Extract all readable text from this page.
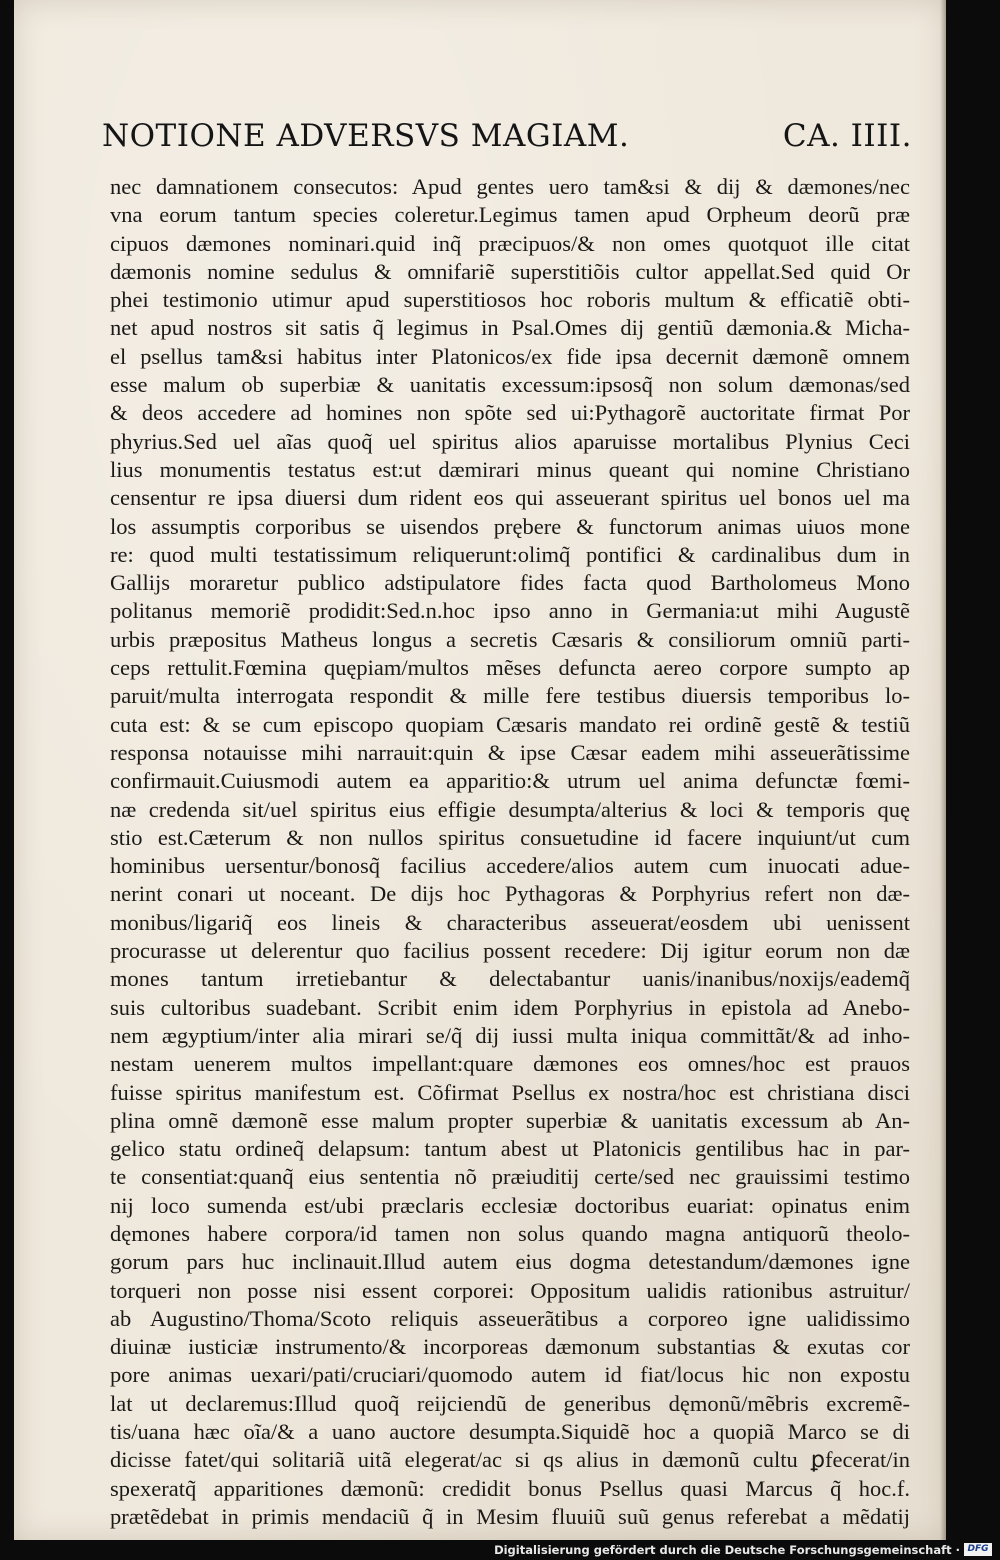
NOTIONE ADVERSVS MAGIAM.	CA. IIII.
nec damnationem consecutos: Apud gentes uero tam&si & dij & dæmones/nec
vna eorum tantum species coleretur.Legimus tamen apud Orpheum deorũ præ
cipuos dæmones nominari.quid inq̃ præcipuos/& non omes quotquot ille citat
dæmonis nomine sedulus & omnifariẽ superstitiõis cultor appellat.Sed quid Or
phei testimonio utimur apud superstitiosos hoc roboris multum & efficatiẽ obti-
net apud nostros sit satis q̃ legimus in Psal.Omes dij gentiũ dæmonia.& Micha-
el psellus tam&si habitus inter Platonicos/ex fide ipsa decernit dæmonẽ omnem
esse malum ob superbiæ & uanitatis excessum:ipsosq̃ non solum dæmonas/sed
& deos accedere ad homines non spõte sed ui:Pythagorẽ auctoritate firmat Por
phyrius.Sed uel aĩas quoq̃ uel spiritus alios aparuisse mortalibus Plynius Ceci
lius monumentis testatus est:ut dæmirari minus queant qui nomine Christiano
censentur re ipsa diuersi dum rident eos qui asseuerant spiritus uel bonos uel ma
los assumptis corporibus se uisendos prębere & functorum animas uiuos mone
re: quod multi testatissimum reliquerunt:olimq̃ pontifici & cardinalibus dum in
Gallijs moraretur publico adstipulatore fides facta quod Bartholomeus Mono
politanus memoriẽ prodidit:Sed.n.hoc ipso anno in Germania:ut mihi Augustẽ
urbis præpositus Matheus longus a secretis Cæsaris & consiliorum omniũ parti-
ceps rettulit.Fœmina quępiam/multos mẽses defuncta aereo corpore sumpto ap
paruit/multa interrogata respondit & mille fere testibus diuersis temporibus lo-
cuta est: & se cum episcopo quopiam Cæsaris mandato rei ordinẽ gestẽ & testiũ
responsa notauisse mihi narrauit:quin & ipse Cæsar eadem mihi asseuerãtissime
confirmauit.Cuiusmodi autem ea apparitio:& utrum uel anima defunctæ fœmi-
næ credenda sit/uel spiritus eius effigie desumpta/alterius & loci & temporis quę
stio est.Cæterum & non nullos spiritus consuetudine id facere inquiunt/ut cum
hominibus uersentur/bonosq̃ facilius accedere/alios autem cum inuocati adue-
nerint conari ut noceant. De dijs hoc Pythagoras & Porphyrius refert non dæ-
monibus/ligariq̃ eos lineis & characteribus asseuerat/eosdem ubi uenissent
procurasse ut delerentur quo facilius possent recedere: Dij igitur eorum non dæ
mones tantum irretiebantur & delectabantur uanis/inanibus/noxijs/eademq̃
suis cultoribus suadebant. Scribit enim idem Porphyrius in epistola ad Anebo-
nem ægyptium/inter alia mirari se/q̃ dij iussi multa iniqua committãt/& ad inho-
nestam uenerem multos impellant:quare dæmones eos omnes/hoc est prauos
fuisse spiritus manifestum est. Cõfirmat Psellus ex nostra/hoc est christiana disci
plina omnẽ dæmonẽ esse malum propter superbiæ & uanitatis excessum ab An-
gelico statu ordineq̃ delapsum: tantum abest ut Platonicis gentilibus hac in par-
te consentiat:quanq̃ eius sententia nõ præiuditij certe/sed nec grauissimi testimo
nij loco sumenda est/ubi præclaris ecclesiæ doctoribus euariat: opinatus enim
dęmones habere corpora/id tamen non solus quando magna antiquorũ theolo-
gorum pars huc inclinauit.Illud autem eius dogma detestandum/dæmones igne
torqueri non posse nisi essent corporei: Oppositum ualidis rationibus astruitur/
ab Augustino/Thoma/Scoto reliquis asseuerãtibus a corporeo igne ualidissimo
diuinæ iusticiæ instrumento/& incorporeas dæmonum substantias & exutas cor
pore animas uexari/pati/cruciari/quomodo autem id fiat/locus hic non expostu
lat ut declaremus:Illud quoq̃ reijciendũ de generibus dęmonũ/mẽbris excremẽ-
tis/uana hæc oĩa/& a uano auctore desumpta.Siquidẽ hoc a quopiã Marco se di
dicisse fatet/qui solitariã uitã elegerat/ac si qs alius in dæmonũ cultu ꝑfecerat/in
spexeratq̃ apparitiones dæmonũ: credidit bonus Psellus quasi Marcus q̃ hoc.f.
prætẽdebat in primis mendaciũ q̃ in Mesim fluuiũ suũ genus referebat a mẽdatij
Digitalisierung gefördert durch die Deutsche Forschungsgemeinschaft · DFG
